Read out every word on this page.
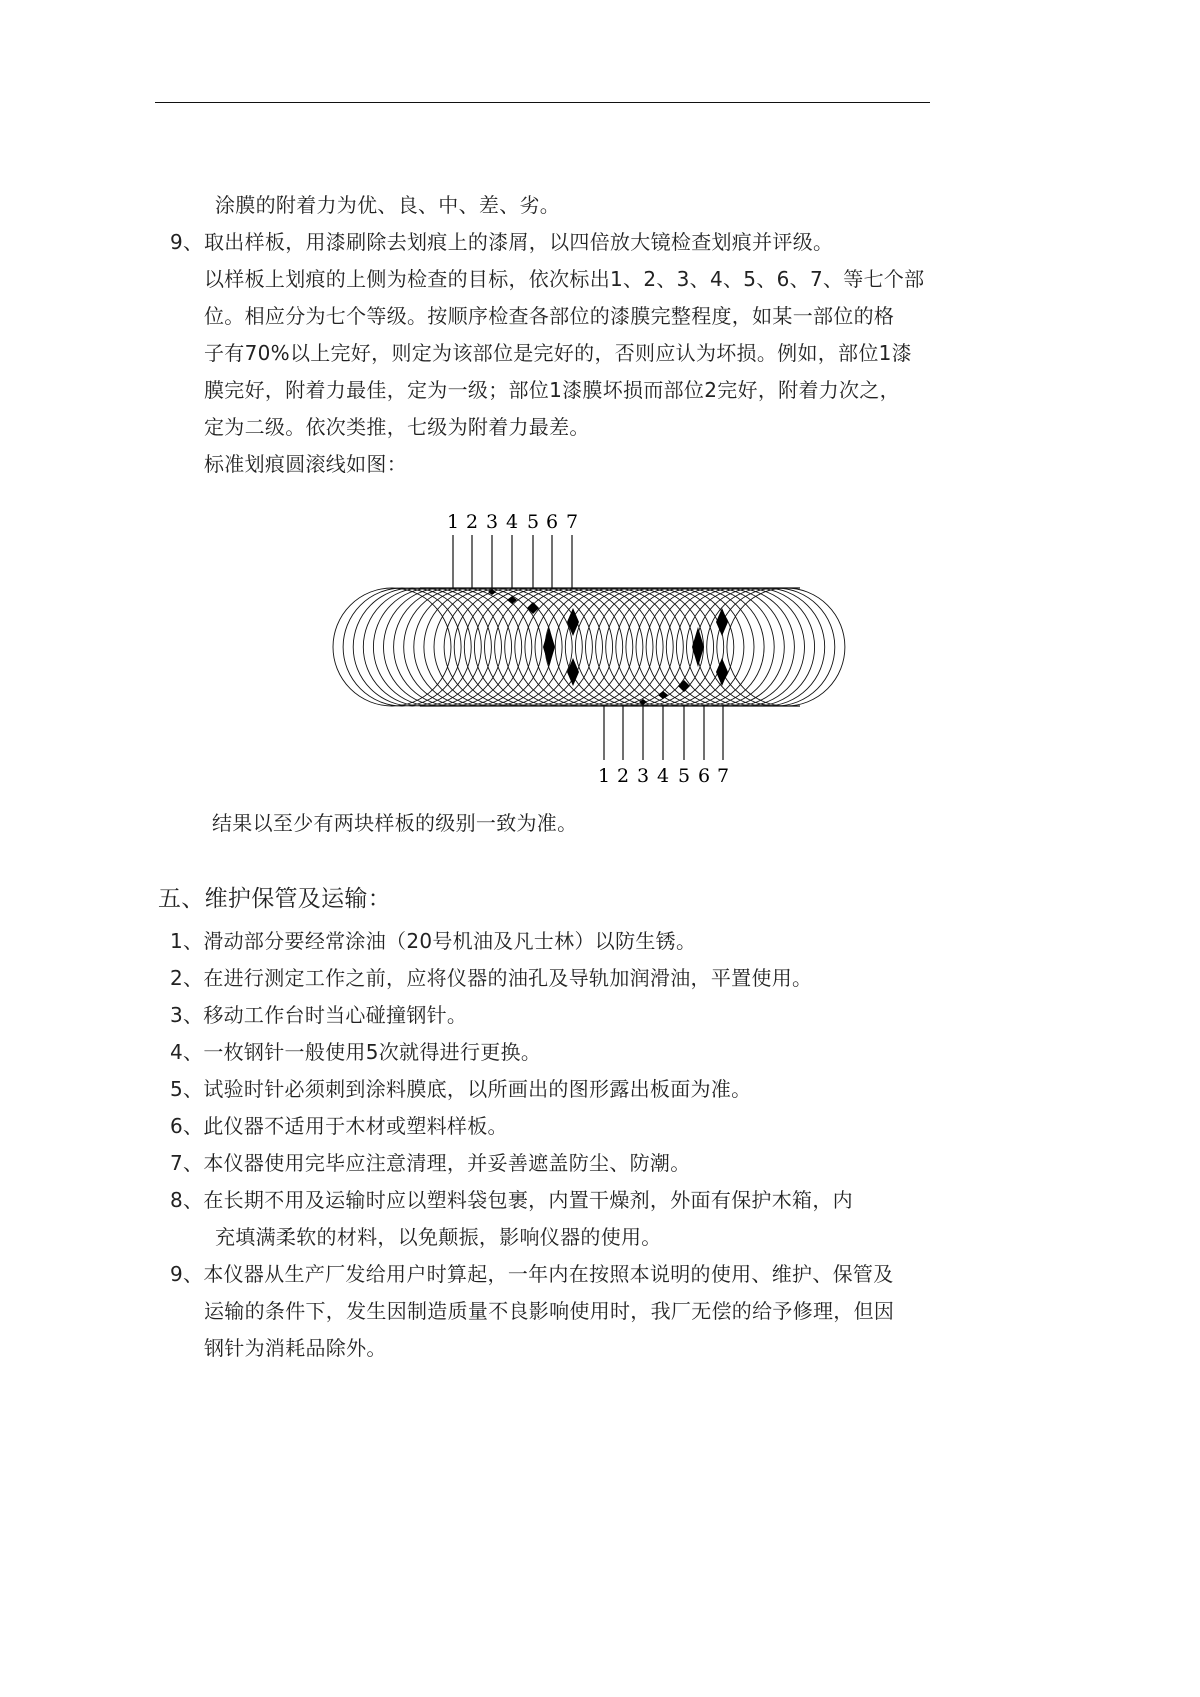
涂膜的附着力为优、良、中、差、劣。
9、 取出样板，用漆刷除去划痕上的漆屑，以四倍放大镜检查划痕并评级。
以样板上划痕的上侧为检查的目标，依次标出1、2、3、4、5、6、7、等七个部
位。相应分为七个等级。按顺序检查各部位的漆膜完整程度，如某一部位的格
子有70%以上完好，则定为该部位是完好的，否则应认为坏损。例如，部位1漆
膜完好，附着力最佳，定为一级；部位1漆膜坏损而部位2完好，附着力次之，
定为二级。依次类推，七级为附着力最差。
标准划痕圆滚线如图：
1 2 3 4 5 6 7
1 2 3 4 5 6 7
结果以至少有两块样板的级别一致为准。
五、维护保管及运输：
1、滑动部分要经常涂油（20号机油及凡士林）以防生锈。
2、在进行测定工作之前，应将仪器的油孔及导轨加润滑油，平置使用。
3、移动工作台时当心碰撞钢针。
4、一枚钢针一般使用5次就得进行更换。
5、试验时针必须刺到涂料膜底，以所画出的图形露出板面为准。
6、此仪器不适用于木材或塑料样板。
7、本仪器使用完毕应注意清理，并妥善遮盖防尘、防潮。
8、在长期不用及运输时应以塑料袋包裹，内置干燥剂，外面有保护木箱，内
充填满柔软的材料，以免颠振，影响仪器的使用。
9、本仪器从生产厂发给用户时算起，一年内在按照本说明的使用、维护、保管及
运输的条件下，发生因制造质量不良影响使用时，我厂无偿的给予修理，但因
钢针为消耗品除外。
